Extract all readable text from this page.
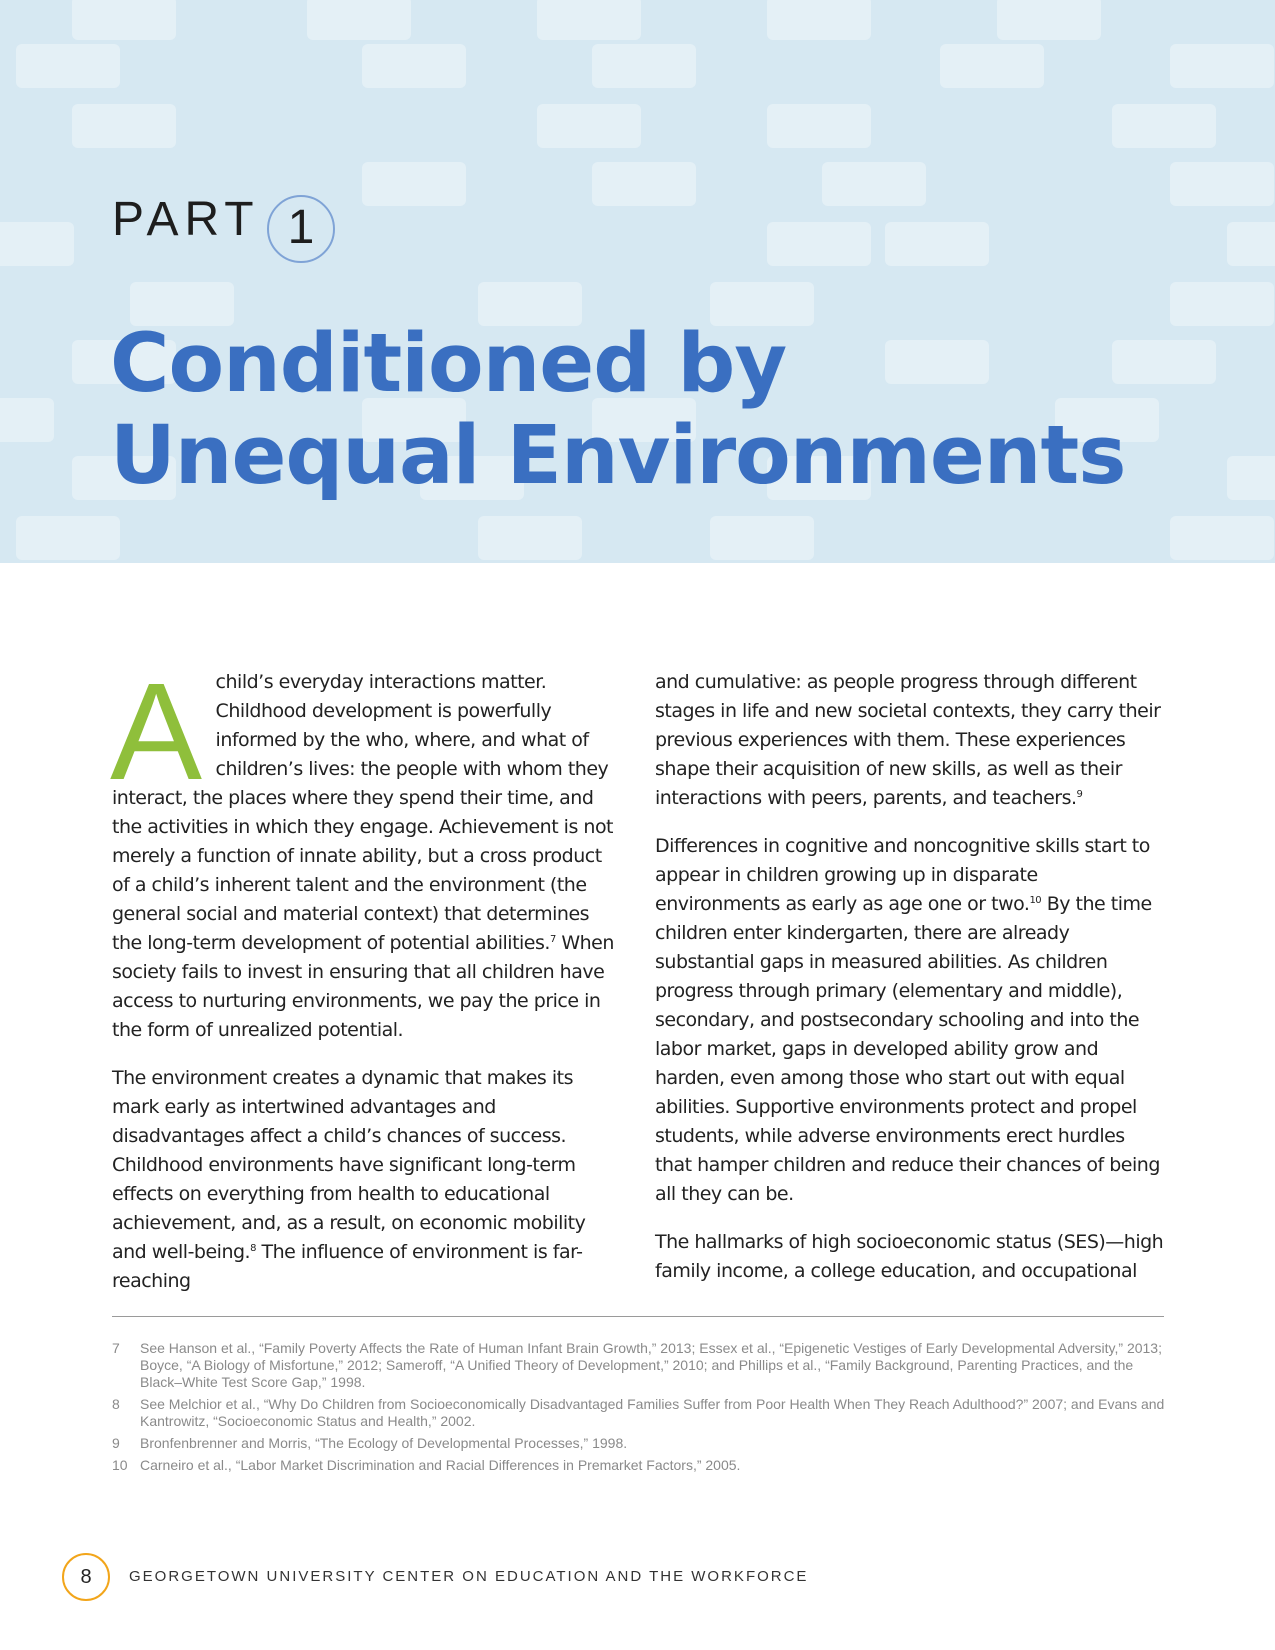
PART 1
Conditioned by
Unequal Environments

Achild’s everyday interactions matter. Childhood development is powerfully informed by the who, where, and what of children’s lives: the people with whom they interact, the places where they spend their time, and the activities in which they engage. Achievement is not merely a function of innate ability, but a cross product of a child’s inherent talent and the environment (the general social and material context) that determines the long-term development of potential abilities.$^7$ When society fails to invest in ensuring that all children have access to nurturing environments, we pay the price in the form of unrealized potential.

The environment creates a dynamic that makes its mark early as intertwined advantages and disadvantages affect a child’s chances of success. Childhood environments have significant long-term effects on everything from health to educational achievement, and, as a result, on economic mobility and well-being.$^8$ The influence of environment is far-reaching

and cumulative: as people progress through different stages in life and new societal contexts, they carry their previous experiences with them. These experiences shape their acquisition of new skills, as well as their interactions with peers, parents, and teachers.$^9$

Differences in cognitive and noncognitive skills start to appear in children growing up in disparate environments as early as age one or two.$^{10}$ By the time children enter kindergarten, there are already substantial gaps in measured abilities. As children progress through primary (elementary and middle), secondary, and postsecondary schooling and into the labor market, gaps in developed ability grow and harden, even among those who start out with equal abilities. Supportive environments protect and propel students, while adverse environments erect hurdles that hamper children and reduce their chances of being all they can be.

The hallmarks of high socioeconomic status (SES)—high family income, a college education, and occupational

7	See Hanson et al., “Family Poverty Affects the Rate of Human Infant Brain Growth,” 2013; Essex et al., “Epigenetic Vestiges of Early Developmental Adversity,” 2013; Boyce, “A Biology of Misfortune,” 2012; Sameroff, “A Unified Theory of Development,” 2010; and Phillips et al., “Family Background, Parenting Practices, and the Black–White Test Score Gap,” 1998.
8	See Melchior et al., “Why Do Children from Socioeconomically Disadvantaged Families Suffer from Poor Health When They Reach Adulthood?” 2007; and Evans and Kantrowitz, “Socioeconomic Status and Health,” 2002.
9	Bronfenbrenner and Morris, “The Ecology of Developmental Processes,” 1998.
10 Carneiro et al., “Labor Market Discrimination and Racial Differences in Premarket Factors,” 2005.
8	GEORGETOWN UNIVERSITY CENTER ON EDUCATION AND THE WORKFORCE
